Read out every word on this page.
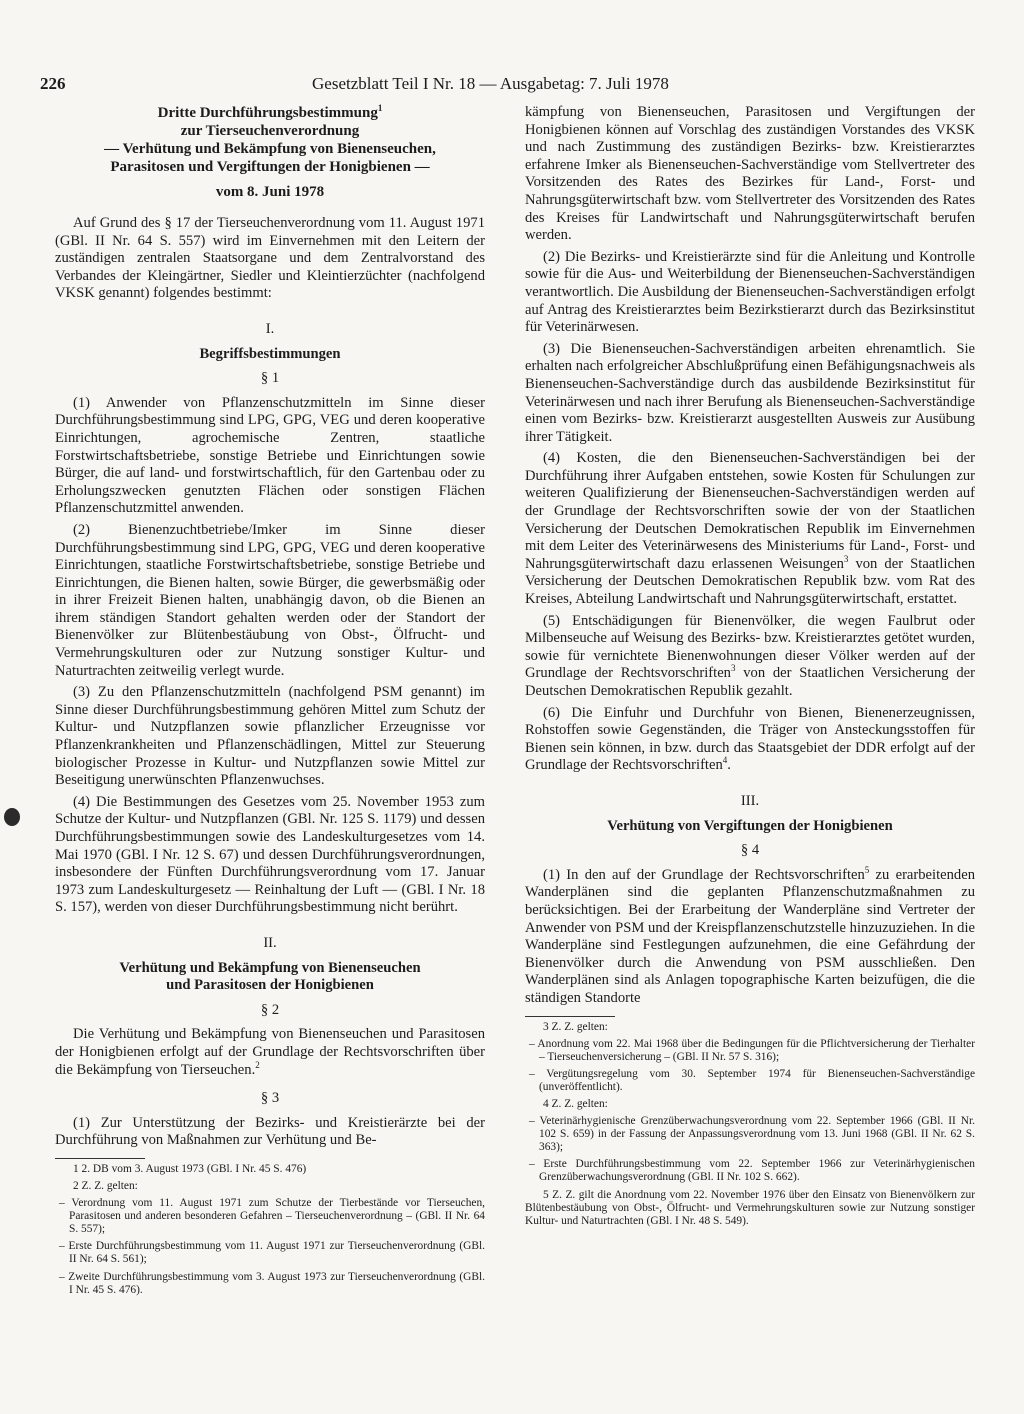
226	Gesetzblatt Teil I Nr. 18 — Ausgabetag: 7. Juli 1978
Dritte Durchführungsbestimmung$^1$
zur Tierseuchenverordnung
— Verhütung und Bekämpfung von Bienenseuchen,
Parasitosen und Vergiftungen der Honigbienen —
vom 8. Juni 1978

Auf Grund des § 17 der Tierseuchenverordnung vom 11. August 1971 (GBl. II Nr. 64 S. 557) wird im Einvernehmen mit den Leitern der zuständigen zentralen Staatsorgane und dem Zentralvorstand des Verbandes der Kleingärtner, Siedler und Kleintierzüchter (nachfolgend VKSK genannt) folgendes bestimmt:

I.
Begriffsbestimmungen
§ 1

(1) Anwender von Pflanzenschutzmitteln im Sinne dieser Durchführungsbestimmung sind LPG, GPG, VEG und deren kooperative Einrichtungen, agrochemische Zentren, staatliche Forstwirtschaftsbetriebe, sonstige Betriebe und Einrichtungen sowie Bürger, die auf land- und forstwirtschaftlich, für den Gartenbau oder zu Erholungszwecken genutzten Flächen oder sonstigen Flächen Pflanzenschutzmittel anwenden.

(2) Bienenzuchtbetriebe/Imker im Sinne dieser Durchführungsbestimmung sind LPG, GPG, VEG und deren kooperative Einrichtungen, staatliche Forstwirtschaftsbetriebe, sonstige Betriebe und Einrichtungen, die Bienen halten, sowie Bürger, die gewerbsmäßig oder in ihrer Freizeit Bienen halten, unabhängig davon, ob die Bienen an ihrem ständigen Standort gehalten werden oder der Standort der Bienenvölker zur Blütenbestäubung von Obst-, Ölfrucht- und Vermehrungskulturen oder zur Nutzung sonstiger Kultur- und Naturtrachten zeitweilig verlegt wurde.

(3) Zu den Pflanzenschutzmitteln (nachfolgend PSM genannt) im Sinne dieser Durchführungsbestimmung gehören Mittel zum Schutz der Kultur- und Nutzpflanzen sowie pflanzlicher Erzeugnisse vor Pflanzenkrankheiten und Pflanzenschädlingen, Mittel zur Steuerung biologischer Prozesse in Kultur- und Nutzpflanzen sowie Mittel zur Beseitigung unerwünschten Pflanzenwuchses.

(4) Die Bestimmungen des Gesetzes vom 25. November 1953 zum Schutze der Kultur- und Nutzpflanzen (GBl. Nr. 125 S. 1179) und dessen Durchführungsbestimmungen sowie des Landeskulturgesetzes vom 14. Mai 1970 (GBl. I Nr. 12 S. 67) und dessen Durchführungsverordnungen, insbesondere der Fünften Durchführungsverordnung vom 17. Januar 1973 zum Landeskulturgesetz — Reinhaltung der Luft — (GBl. I Nr. 18 S. 157), werden von dieser Durchführungsbestimmung nicht berührt.

II.
Verhütung und Bekämpfung von Bienenseuchen
und Parasitosen der Honigbienen
§ 2

Die Verhütung und Bekämpfung von Bienenseuchen und Parasitosen der Honigbienen erfolgt auf der Grundlage der Rechtsvorschriften über die Bekämpfung von Tierseuchen.$^2$

§ 3

(1) Zur Unterstützung der Bezirks- und Kreistierärzte bei der Durchführung von Maßnahmen zur Verhütung und Be-

1 2. DB vom 3. August 1973 (GBl. I Nr. 45 S. 476)

2 Z. Z. gelten:

– Verordnung vom 11. August 1971 zum Schutze der Tierbestände vor Tierseuchen, Parasitosen und anderen besonderen Gefahren – Tierseuchenverordnung – (GBl. II Nr. 64 S. 557);

– Erste Durchführungsbestimmung vom 11. August 1971 zur Tierseuchenverordnung (GBl. II Nr. 64 S. 561);

– Zweite Durchführungsbestimmung vom 3. August 1973 zur Tierseuchenverordnung (GBl. I Nr. 45 S. 476).

kämpfung von Bienenseuchen, Parasitosen und Vergiftungen der Honigbienen können auf Vorschlag des zuständigen Vorstandes des VKSK und nach Zustimmung des zuständigen Bezirks- bzw. Kreistierarztes erfahrene Imker als Bienenseuchen-Sachverständige vom Stellvertreter des Vorsitzenden des Rates des Bezirkes für Land-, Forst- und Nahrungsgüterwirtschaft bzw. vom Stellvertreter des Vorsitzenden des Rates des Kreises für Landwirtschaft und Nahrungsgüterwirtschaft berufen werden.

(2) Die Bezirks- und Kreistierärzte sind für die Anleitung und Kontrolle sowie für die Aus- und Weiterbildung der Bienenseuchen-Sachverständigen verantwortlich. Die Ausbildung der Bienenseuchen-Sachverständigen erfolgt auf Antrag des Kreistierarztes beim Bezirkstierarzt durch das Bezirksinstitut für Veterinärwesen.

(3) Die Bienenseuchen-Sachverständigen arbeiten ehrenamtlich. Sie erhalten nach erfolgreicher Abschlußprüfung einen Befähigungsnachweis als Bienenseuchen-Sachverständige durch das ausbildende Bezirksinstitut für Veterinärwesen und nach ihrer Berufung als Bienenseuchen-Sachverständige einen vom Bezirks- bzw. Kreistierarzt ausgestellten Ausweis zur Ausübung ihrer Tätigkeit.

(4) Kosten, die den Bienenseuchen-Sachverständigen bei der Durchführung ihrer Aufgaben entstehen, sowie Kosten für Schulungen zur weiteren Qualifizierung der Bienenseuchen-Sachverständigen werden auf der Grundlage der Rechtsvorschriften sowie der von der Staatlichen Versicherung der Deutschen Demokratischen Republik im Einvernehmen mit dem Leiter des Veterinärwesens des Ministeriums für Land-, Forst- und Nahrungsgüterwirtschaft dazu erlassenen Weisungen$^3$ von der Staatlichen Versicherung der Deutschen Demokratischen Republik bzw. vom Rat des Kreises, Abteilung Landwirtschaft und Nahrungsgüterwirtschaft, erstattet.

(5) Entschädigungen für Bienenvölker, die wegen Faulbrut oder Milbenseuche auf Weisung des Bezirks- bzw. Kreistierarztes getötet wurden, sowie für vernichtete Bienenwohnungen dieser Völker werden auf der Grundlage der Rechtsvorschriften$^3$ von der Staatlichen Versicherung der Deutschen Demokratischen Republik gezahlt.

(6) Die Einfuhr und Durchfuhr von Bienen, Bienenerzeugnissen, Rohstoffen sowie Gegenständen, die Träger von Ansteckungsstoffen für Bienen sein können, in bzw. durch das Staatsgebiet der DDR erfolgt auf der Grundlage der Rechtsvorschriften$^4$.

III.
Verhütung von Vergiftungen der Honigbienen
§ 4

(1) In den auf der Grundlage der Rechtsvorschriften$^5$ zu erarbeitenden Wanderplänen sind die geplanten Pflanzenschutzmaßnahmen zu berücksichtigen. Bei der Erarbeitung der Wanderpläne sind Vertreter der Anwender von PSM und der Kreispflanzenschutzstelle hinzuzuziehen. In die Wanderpläne sind Festlegungen aufzunehmen, die eine Gefährdung der Bienenvölker durch die Anwendung von PSM ausschließen. Den Wanderplänen sind als Anlagen topographische Karten beizufügen, die die ständigen Standorte

3 Z. Z. gelten:

– Anordnung vom 22. Mai 1968 über die Bedingungen für die Pflichtversicherung der Tierhalter – Tierseuchenversicherung – (GBl. II Nr. 57 S. 316);

– Vergütungsregelung vom 30. September 1974 für Bienenseuchen-Sachverständige (unveröffentlicht).

4 Z. Z. gelten:

– Veterinärhygienische Grenzüberwachungsverordnung vom 22. September 1966 (GBl. II Nr. 102 S. 659) in der Fassung der Anpassungsverordnung vom 13. Juni 1968 (GBl. II Nr. 62 S. 363);

– Erste Durchführungsbestimmung vom 22. September 1966 zur Veterinärhygienischen Grenzüberwachungsverordnung (GBl. II Nr. 102 S. 662).

5 Z. Z. gilt die Anordnung vom 22. November 1976 über den Einsatz von Bienenvölkern zur Blütenbestäubung von Obst-, Ölfrucht- und Vermehrungskulturen sowie zur Nutzung sonstiger Kultur- und Naturtrachten (GBl. I Nr. 48 S. 549).
